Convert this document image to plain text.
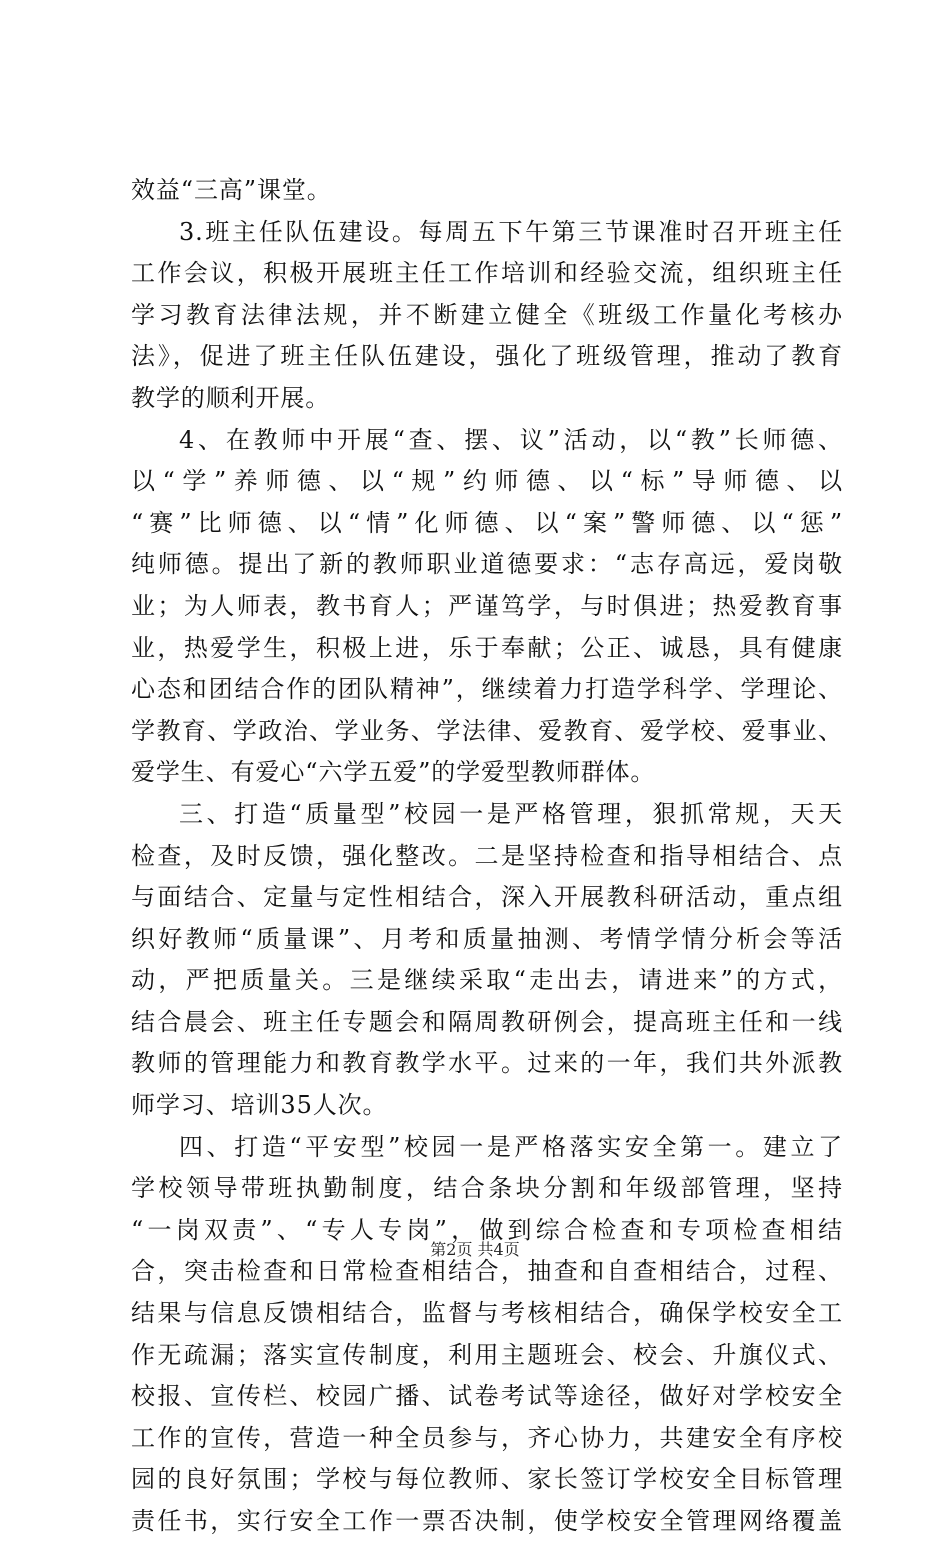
效益“三高”课堂。
3.班主任队伍建设。每周五下午第三节课准时召开班主任
工作会议，积极开展班主任工作培训和经验交流，组织班主任
学习教育法律法规，并不断建立健全《班级工作量化考核办
法》，促进了班主任队伍建设，强化了班级管理，推动了教育
教学的顺利开展。
4、在教师中开展“查、摆、议”活动，以“教”长师德、
以“学”养师德、以“规”约师德、以“标”导师德、以
“赛”比师德、以“情”化师德、以“案”警师德、以“惩”
纯师德。提出了新的教师职业道德要求：“志存高远，爱岗敬
业；为人师表，教书育人；严谨笃学，与时俱进；热爱教育事
业，热爱学生，积极上进，乐于奉献；公正、诚恳，具有健康
心态和团结合作的团队精神”，继续着力打造学科学、学理论、
学教育、学政治、学业务、学法律、爱教育、爱学校、爱事业、
爱学生、有爱心“六学五爱”的学爱型教师群体。
三、打造“质量型”校园一是严格管理，狠抓常规，天天
检查，及时反馈，强化整改。二是坚持检查和指导相结合、点
与面结合、定量与定性相结合，深入开展教科研活动，重点组
织好教师“质量课”、月考和质量抽测、考情学情分析会等活
动，严把质量关。三是继续采取“走出去，请进来”的方式，
结合晨会、班主任专题会和隔周教研例会，提高班主任和一线
教师的管理能力和教育教学水平。过来的一年，我们共外派教
师学习、培训35人次。
四、打造“平安型”校园一是严格落实安全第一。建立了
学校领导带班执勤制度，结合条块分割和年级部管理，坚持
“一岗双责”、“专人专岗”，做到综合检查和专项检查相结
合，突击检查和日常检查相结合，抽查和自查相结合，过程、
结果与信息反馈相结合，监督与考核相结合，确保学校安全工
作无疏漏；落实宣传制度，利用主题班会、校会、升旗仪式、
校报、宣传栏、校园广播、试卷考试等途径，做好对学校安全
工作的宣传，营造一种全员参与，齐心协力，共建安全有序校
园的良好氛围；学校与每位教师、家长签订学校安全目标管理
责任书，实行安全工作一票否决制，使学校安全管理网络覆盖
第2页 共4页
